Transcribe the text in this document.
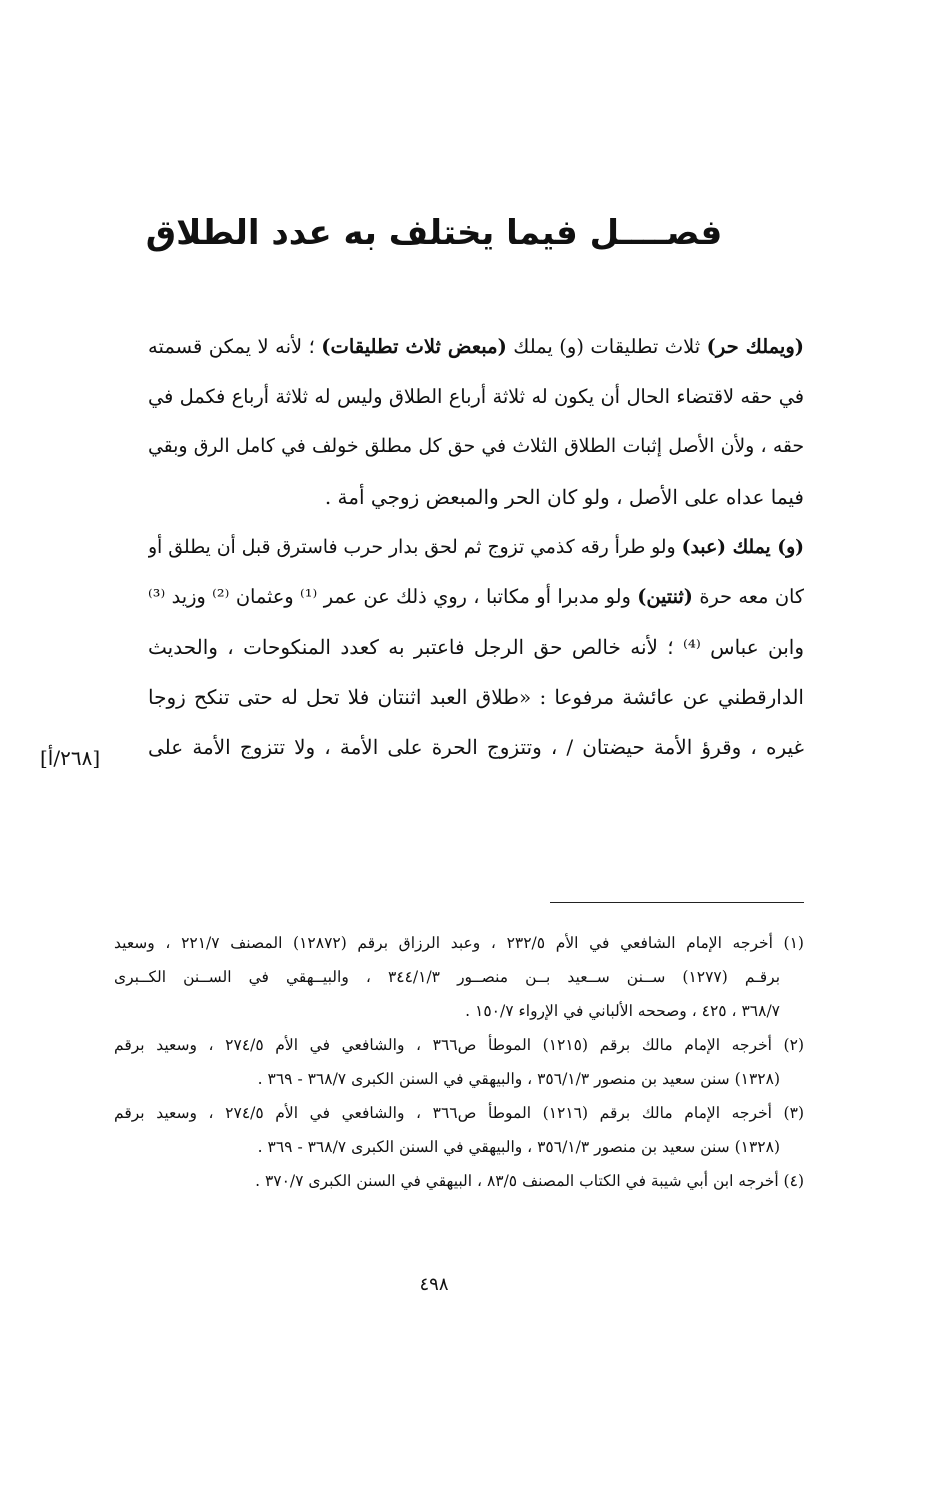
فصــــل فيما يختلف به عدد الطلاق
(ويملك حر) ثلاث تطليقات (و) يملك (مبعض ثلاث تطليقات) ؛ لأنه لا يمكن قسمته
في حقه لاقتضاء الحال أن يكون له ثلاثة أرباع الطلاق وليس له ثلاثة أرباع فكمل في
حقه ، ولأن الأصل إثبات الطلاق الثلاث في حق كل مطلق خولف في كامل الرق وبقي
فيما عداه على الأصل ، ولو كان الحر والمبعض زوجي أمة .
(و) يملك (عبد) ولو طرأ رقه كذمي تزوج ثم لحق بدار حرب فاسترق قبل أن يطلق أو
كان معه حرة (ثنتين) ولو مدبرا أو مكاتبا ، روي ذلك عن عمر ⁽¹⁾ وعثمان ⁽²⁾ وزيد ⁽³⁾
وابن عباس ⁽⁴⁾ ؛ لأنه خالص حق الرجل فاعتبر به كعدد المنكوحات ، والحديث
الدارقطني عن عائشة مرفوعا : «طلاق العبد اثنتان فلا تحل له حتى تنكح زوجا
غيره ، وقرؤ الأمة حيضتان / ، وتتزوج الحرة على الأمة ، ولا تتزوج الأمة على
[٢٦٨/أ]
(١) أخرجه الإمام الشافعي في الأم ٢٣٢/٥ ، وعبد الرزاق برقم (١٢٨٧٢) المصنف ٢٢١/٧ ، وسعيد
برقـم (١٢٧٧) ســنن ســعيد بــن منصــور ٣٤٤/١/٣ ، والبيــهقي في الســنن الكــبرى
٣٦٨/٧ ، ٤٢٥ ، وصححه الألباني في الإرواء ١٥٠/٧ .
(٢) أخرجه الإمام مالك برقم (١٢١٥) الموطأ ص٣٦٦ ، والشافعي في الأم ٢٧٤/٥ ، وسعيد برقم
(١٣٢٨) سنن سعيد بن منصور ٣٥٦/١/٣ ، والبيهقي في السنن الكبرى ٣٦٨/٧ - ٣٦٩ .
(٣) أخرجه الإمام مالك برقم (١٢١٦) الموطأ ص٣٦٦ ، والشافعي في الأم ٢٧٤/٥ ، وسعيد برقم
(١٣٢٨) سنن سعيد بن منصور ٣٥٦/١/٣ ، والبيهقي في السنن الكبرى ٣٦٨/٧ - ٣٦٩ .
(٤) أخرجه ابن أبي شيبة في الكتاب المصنف ٨٣/٥ ، البيهقي في السنن الكبرى ٣٧٠/٧ .
٤٩٨
